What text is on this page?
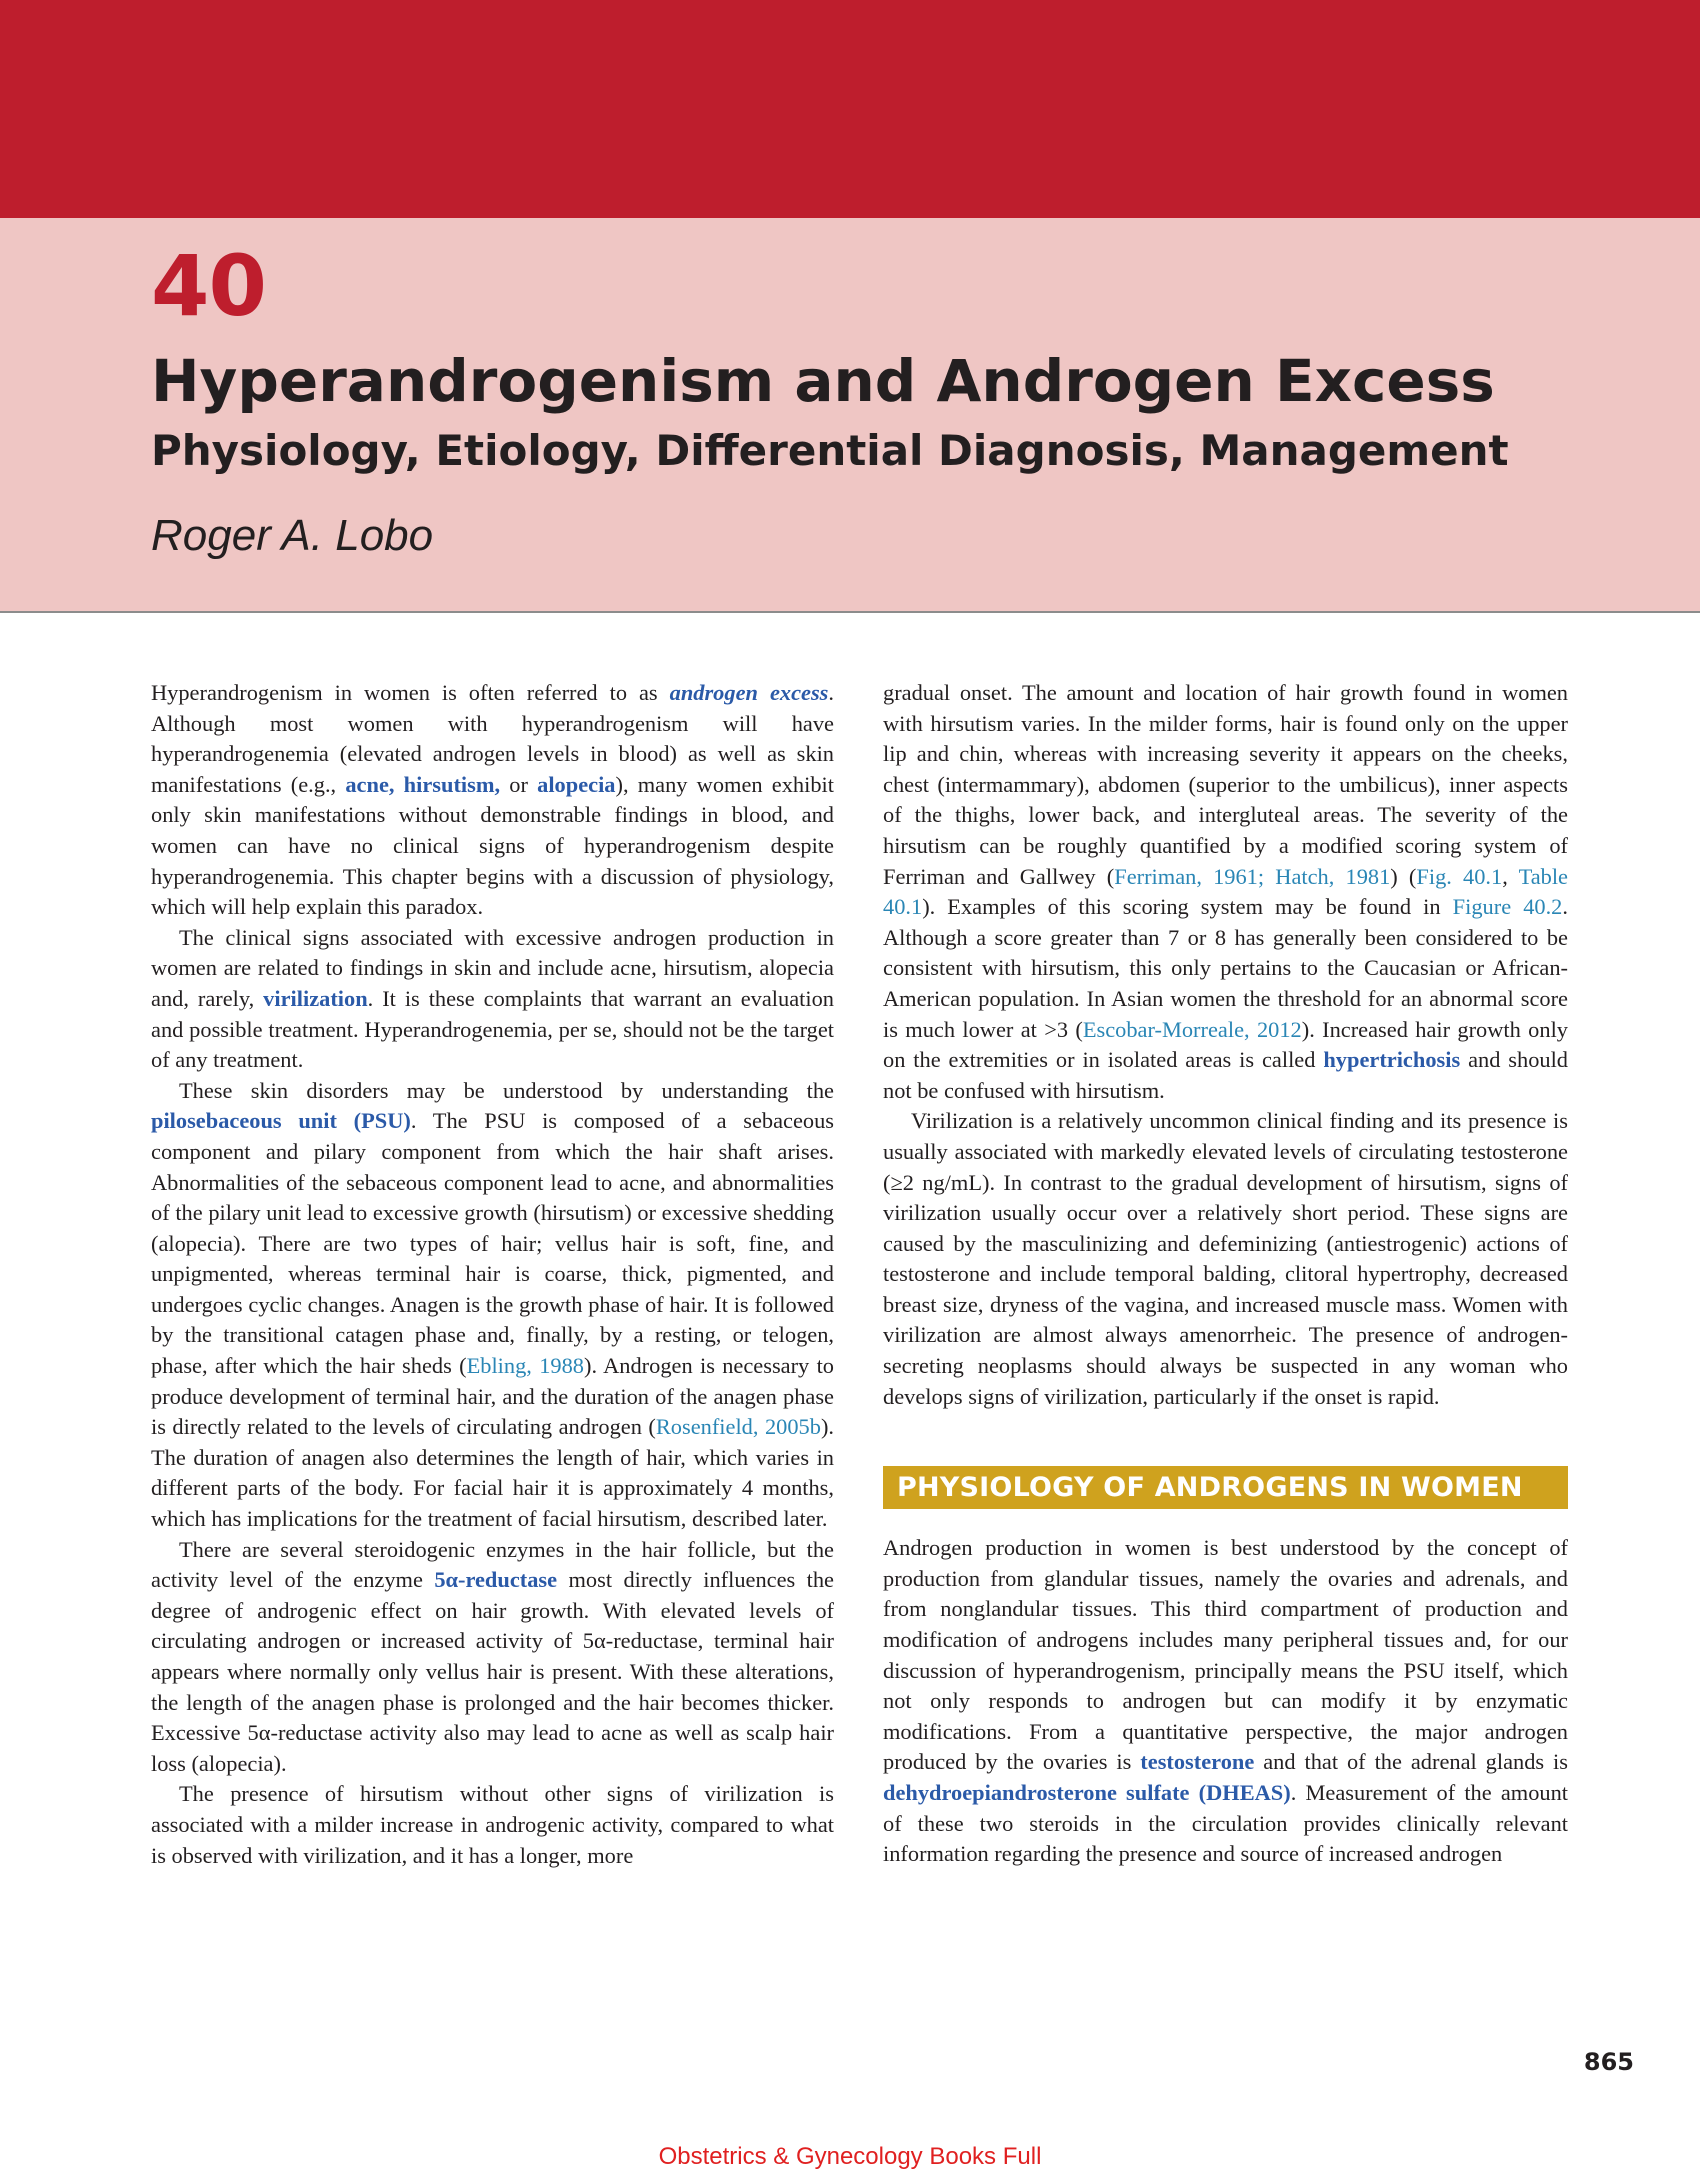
40
Hyperandrogenism and Androgen Excess
Physiology, Etiology, Differential Diagnosis, Management
Roger A. Lobo

Hyperandrogenism in women is often referred to as androgen excess. Although most women with hyperandrogenism will have hyperandrogenemia (elevated androgen levels in blood) as well as skin manifestations (e.g., acne, hirsutism, or alopecia), many women exhibit only skin manifestations without demonstrable findings in blood, and women can have no clinical signs of hyperandrogenism despite hyperandrogenemia. This chapter begins with a discussion of physiology, which will help explain this paradox.

The clinical signs associated with excessive androgen production in women are related to findings in skin and include acne, hirsutism, alopecia and, rarely, virilization. It is these complaints that warrant an evaluation and possible treatment. Hyperandrogenemia, per se, should not be the target of any treatment.

These skin disorders may be understood by understanding the pilosebaceous unit (PSU). The PSU is composed of a sebaceous component and pilary component from which the hair shaft arises. Abnormalities of the sebaceous component lead to acne, and abnormalities of the pilary unit lead to excessive growth (hirsutism) or excessive shedding (alopecia). There are two types of hair; vellus hair is soft, fine, and unpigmented, whereas terminal hair is coarse, thick, pigmented, and undergoes cyclic changes. Anagen is the growth phase of hair. It is followed by the transitional catagen phase and, finally, by a resting, or telogen, phase, after which the hair sheds (Ebling, 1988). Androgen is necessary to produce development of terminal hair, and the duration of the anagen phase is directly related to the levels of circulating androgen (Rosenfield, 2005b). The duration of anagen also determines the length of hair, which varies in different parts of the body. For facial hair it is approximately 4 months, which has implications for the treatment of facial hirsutism, described later.

There are several steroidogenic enzymes in the hair follicle, but the activity level of the enzyme 5α-reductase most directly influences the degree of androgenic effect on hair growth. With elevated levels of circulating androgen or increased activity of 5α-reductase, terminal hair appears where normally only vellus hair is present. With these alterations, the length of the anagen phase is prolonged and the hair becomes thicker. Excessive 5α-reductase activity also may lead to acne as well as scalp hair loss (alopecia).

The presence of hirsutism without other signs of virilization is associated with a milder increase in androgenic activity, compared to what is observed with virilization, and it has a longer, more

gradual onset. The amount and location of hair growth found in women with hirsutism varies. In the milder forms, hair is found only on the upper lip and chin, whereas with increasing severity it appears on the cheeks, chest (intermammary), abdomen (superior to the umbilicus), inner aspects of the thighs, lower back, and intergluteal areas. The severity of the hirsutism can be roughly quantified by a modified scoring system of Ferriman and Gallwey (Ferriman, 1961; Hatch, 1981) (Fig. 40.1, Table 40.1). Examples of this scoring system may be found in Figure 40.2. Although a score greater than 7 or 8 has generally been considered to be consistent with hirsutism, this only pertains to the Caucasian or African-American population. In Asian women the threshold for an abnormal score is much lower at >3 (Escobar-Morreale, 2012). Increased hair growth only on the extremities or in isolated areas is called hypertrichosis and should not be confused with hirsutism.

Virilization is a relatively uncommon clinical finding and its presence is usually associated with markedly elevated levels of circulating testosterone (≥2 ng/mL). In contrast to the gradual development of hirsutism, signs of virilization usually occur over a relatively short period. These signs are caused by the masculinizing and defeminizing (antiestrogenic) actions of testosterone and include temporal balding, clitoral hypertrophy, decreased breast size, dryness of the vagina, and increased muscle mass. Women with virilization are almost always amenorrheic. The presence of androgen-secreting neoplasms should always be suspected in any woman who develops signs of virilization, particularly if the onset is rapid.

PHYSIOLOGY OF ANDROGENS IN WOMEN

Androgen production in women is best understood by the concept of production from glandular tissues, namely the ovaries and adrenals, and from nonglandular tissues. This third compartment of production and modification of androgens includes many peripheral tissues and, for our discussion of hyperandrogenism, principally means the PSU itself, which not only responds to androgen but can modify it by enzymatic modifications. From a quantitative perspective, the major androgen produced by the ovaries is testosterone and that of the adrenal glands is dehydroepiandrosterone sulfate (DHEAS). Measurement of the amount of these two steroids in the circulation provides clinically relevant information regarding the presence and source of increased androgen

865
Obstetrics & Gynecology Books Full
